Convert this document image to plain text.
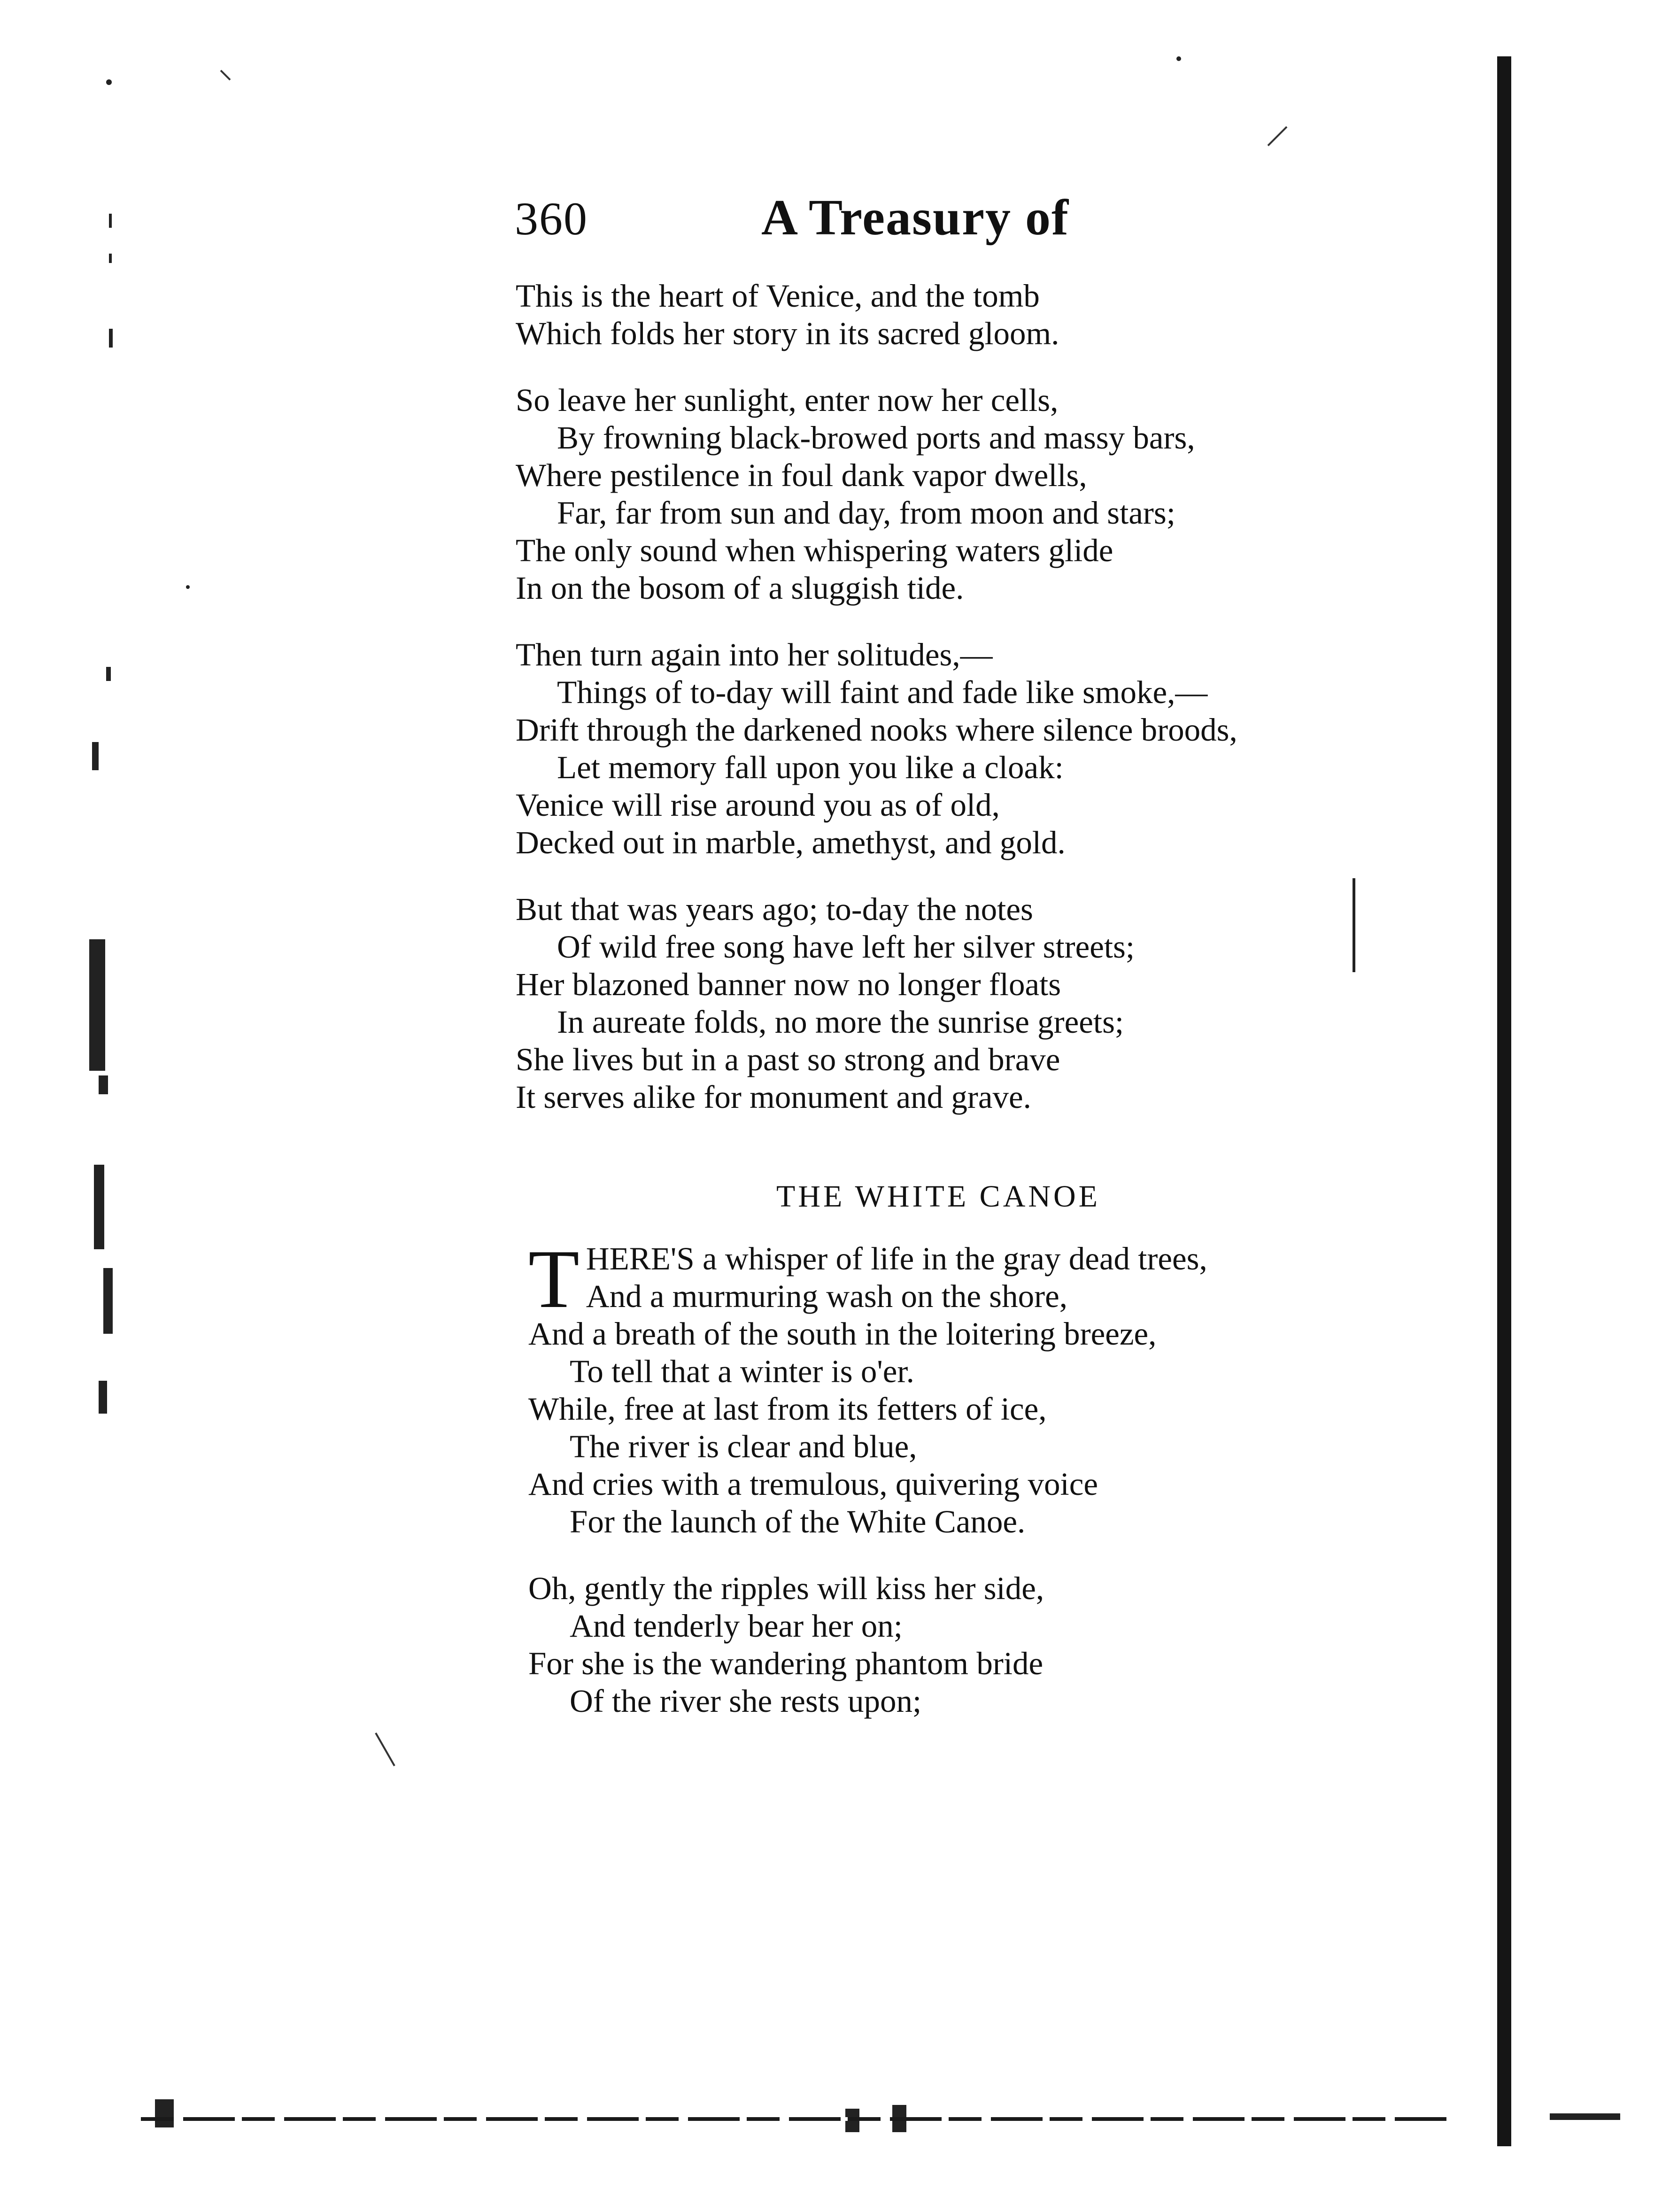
360	A Treasury of
This is the heart of Venice, and the tomb
Which folds her story in its sacred gloom.
So leave her sunlight, enter now her cells,
By frowning black-browed ports and massy bars,
Where pestilence in foul dank vapor dwells,
Far, far from sun and day, from moon and stars;
The only sound when whispering waters glide
In on the bosom of a sluggish tide.
Then turn again into her solitudes,—
Things of to-day will faint and fade like smoke,—
Drift through the darkened nooks where silence broods,
Let memory fall upon you like a cloak:
Venice will rise around you as of old,
Decked out in marble, amethyst, and gold.
But that was years ago; to-day the notes
Of wild free song have left her silver streets;
Her blazoned banner now no longer floats
In aureate folds, no more the sunrise greets;
She lives but in a past so strong and brave
It serves alike for monument and grave.
THE WHITE CANOE
T HERE'S a whisper of life in the gray dead trees,
And a murmuring wash on the shore,
And a breath of the south in the loitering breeze,
To tell that a winter is o'er.
While, free at last from its fetters of ice,
The river is clear and blue,
And cries with a tremulous, quivering voice
For the launch of the White Canoe.
Oh, gently the ripples will kiss her side,
And tenderly bear her on;
For she is the wandering phantom bride
Of the river she rests upon;
